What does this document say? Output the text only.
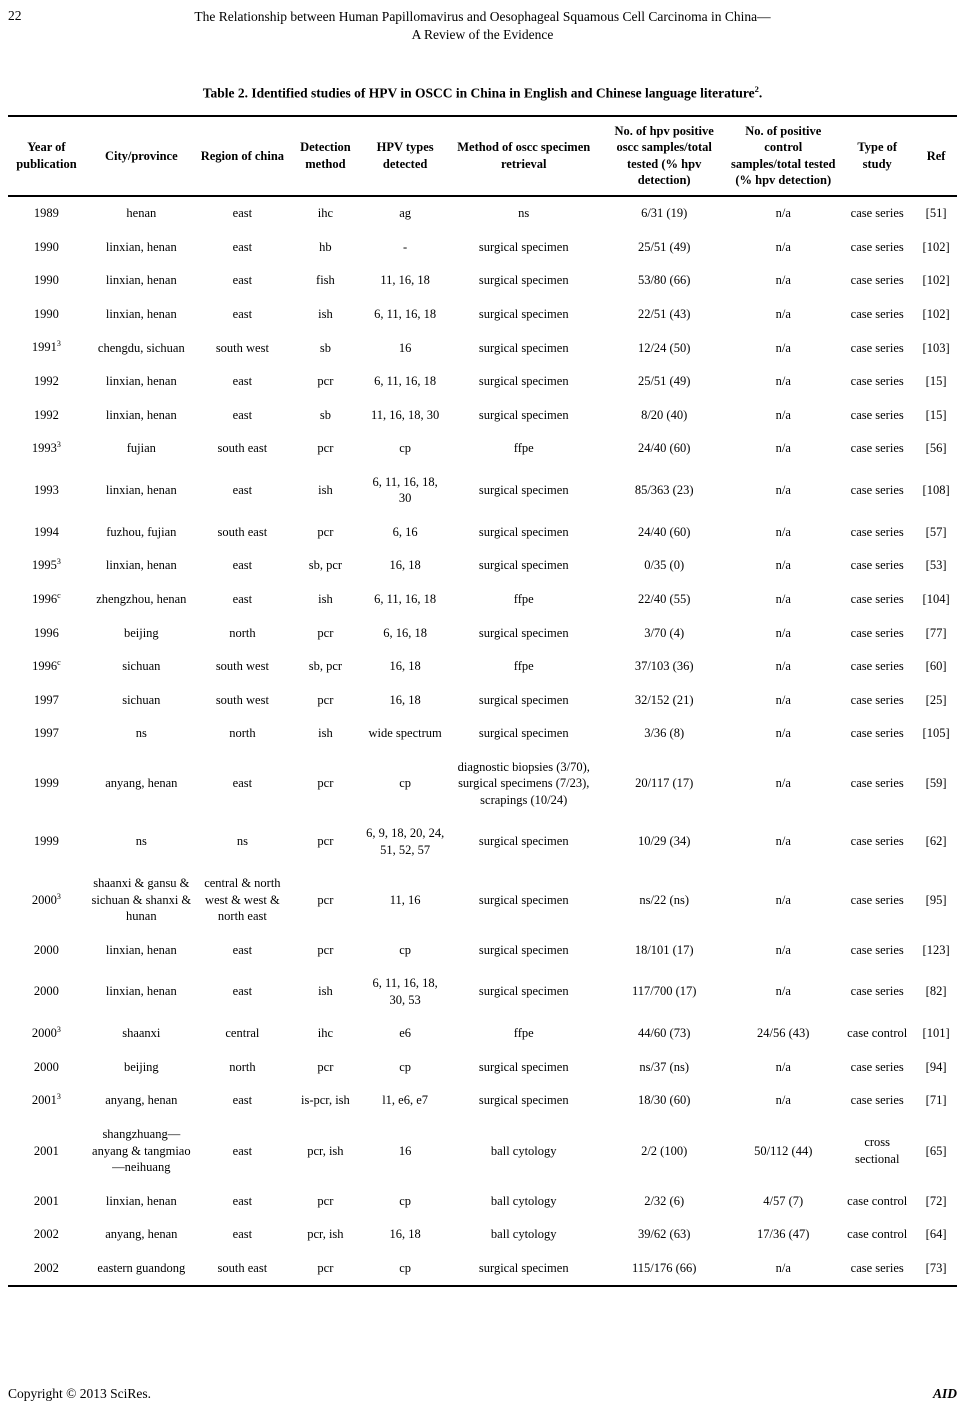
22	The Relationship between Human Papillomavirus and Oesophageal Squamous Cell Carcinoma in China—A Review of the Evidence
Table 2. Identified studies of HPV in OSCC in China in English and Chinese language literature$^2$.
Year of publication	City/province	Region of china	Detection method	HPV types detected	Method of oscc specimen retrieval	No. of hpv positive oscc samples/total tested (% hpv detection)	No. of positive control samples/total tested (% hpv detection)	Type of study	Ref
1989	henan	east	ihc	ag	ns	6/31 (19)	n/a	case series	[51]
1990	linxian, henan	east	hb	-	surgical specimen	25/51 (49)	n/a	case series	[102]
1990	linxian, henan	east	fish	11, 16, 18	surgical specimen	53/80 (66)	n/a	case series	[102]
1990	linxian, henan	east	ish	6, 11, 16, 18	surgical specimen	22/51 (43)	n/a	case series	[102]
1991$^3$	chengdu, sichuan	south west	sb	16	surgical specimen	12/24 (50)	n/a	case series	[103]
1992	linxian, henan	east	pcr	6, 11, 16, 18	surgical specimen	25/51 (49)	n/a	case series	[15]
1992	linxian, henan	east	sb	11, 16, 18, 30	surgical specimen	8/20 (40)	n/a	case series	[15]
1993$^3$	fujian	south east	pcr	cp	ffpe	24/40 (60)	n/a	case series	[56]
1993	linxian, henan	east	ish	6, 11, 16, 18, 30	surgical specimen	85/363 (23)	n/a	case series	[108]
1994	fuzhou, fujian	south east	pcr	6, 16	surgical specimen	24/40 (60)	n/a	case series	[57]
1995$^3$	linxian, henan	east	sb, pcr	16, 18	surgical specimen	0/35 (0)	n/a	case series	[53]
1996$^c$	zhengzhou, henan	east	ish	6, 11, 16, 18	ffpe	22/40 (55)	n/a	case series	[104]
1996	beijing	north	pcr	6, 16, 18	surgical specimen	3/70 (4)	n/a	case series	[77]
1996$^c$	sichuan	south west	sb, pcr	16, 18	ffpe	37/103 (36)	n/a	case series	[60]
1997	sichuan	south west	pcr	16, 18	surgical specimen	32/152 (21)	n/a	case series	[25]
1997	ns	north	ish	wide spectrum	surgical specimen	3/36 (8)	n/a	case series	[105]
1999	anyang, henan	east	pcr	cp	diagnostic biopsies (3/70), surgical specimens (7/23), scrapings (10/24)	20/117 (17)	n/a	case series	[59]
1999	ns	ns	pcr	6, 9, 18, 20, 24, 51, 52, 57	surgical specimen	10/29 (34)	n/a	case series	[62]
2000$^3$	shaanxi & gansu & sichuan & shanxi & hunan	central & north west & west & north east	pcr	11, 16	surgical specimen	ns/22 (ns)	n/a	case series	[95]
2000	linxian, henan	east	pcr	cp	surgical specimen	18/101 (17)	n/a	case series	[123]
2000	linxian, henan	east	ish	6, 11, 16, 18, 30, 53	surgical specimen	117/700 (17)	n/a	case series	[82]
2000$^3$	shaanxi	central	ihc	e6	ffpe	44/60 (73)	24/56 (43)	case control	[101]
2000	beijing	north	pcr	cp	surgical specimen	ns/37 (ns)	n/a	case series	[94]
2001$^3$	anyang, henan	east	is-pcr, ish	l1, e6, e7	surgical specimen	18/30 (60)	n/a	case series	[71]
2001	shangzhuang—anyang & tangmiao—neihuang	east	pcr, ish	16	ball cytology	2/2 (100)	50/112 (44)	cross sectional	[65]
2001	linxian, henan	east	pcr	cp	ball cytology	2/32 (6)	4/57 (7)	case control	[72]
2002	anyang, henan	east	pcr, ish	16, 18	ball cytology	39/62 (63)	17/36 (47)	case control	[64]
2002	eastern guandong	south east	pcr	cp	surgical specimen	115/176 (66)	n/a	case series	[73]
Copyright © 2013 SciRes.	AID
